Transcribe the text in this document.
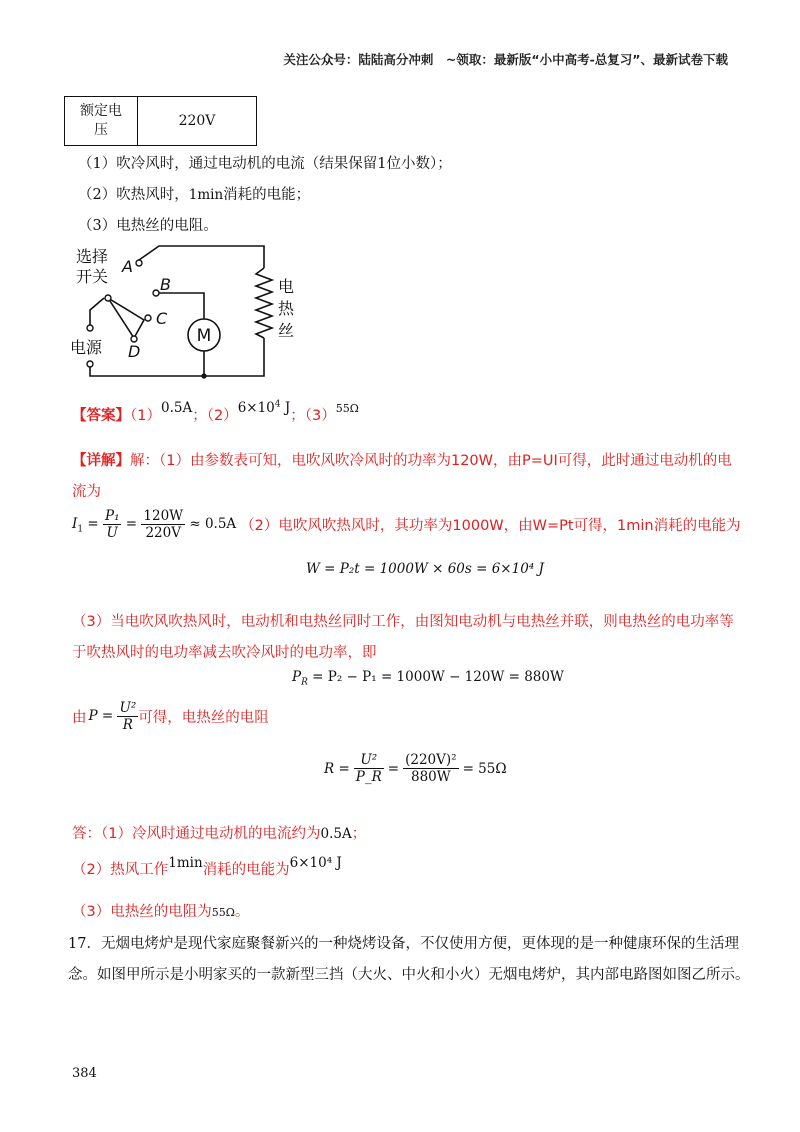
关注公众号：陆陆高分冲刺　~领取：最新版“小中高考-总复习”、最新试卷下载
额定电
压	220V
（1）吹冷风时，通过电动机的电流（结果保留1位小数）；
（2）吹热风时，1min消耗的电能；
（3）电热丝的电阻。
M
选择
开关
电源
电
热
丝
A
B
C
D
【答案】（1）0.5A；$(2)6\times 10^4$ J；$(3)^{55\Omega}$
【详解】解：（1）由参数表可知，电吹风吹冷风时的功率为120W，由P=UI可得，此时通过电动机的电
流为
$I_1 = \frac{\text{P₁}}{U} = \frac{120W}{220V} \approx 0.5A$ （2）电吹风吹热风时，其功率为1000W，由W=Pt可得，1min消耗的电能为
W = P₂t = 1000W × 60s = 6×10⁴ J
（3）当电吹风吹热风时，电动机和电热丝同时工作，由图知电动机与电热丝并联，则电热丝的电功率等
于吹热风时的电功率减去吹冷风时的电功率，即
$P_R = P_2 - P_1 = 1000W - 120W = 880W$
由 $P = \frac{\text{U²}}{R}$ 可得，电热丝的电阻
$R = \frac{\text{U²}}{P\_R} = \frac{\text{(220V)²}}{880W} = 55\Omega$
答：（1）冷风时通过电动机的电流约为0.5A；
（2）热风工作1min消耗的电能为6×10⁴ J
（3）电热丝的电阻为55Ω。
17．无烟电烤炉是现代家庭聚餐新兴的一种烧烤设备，不仅使用方便，更体现的是一种健康环保的生活理
念。如图甲所示是小明家买的一款新型三挡（大火、中火和小火）无烟电烤炉，其内部电路图如图乙所示。
384
